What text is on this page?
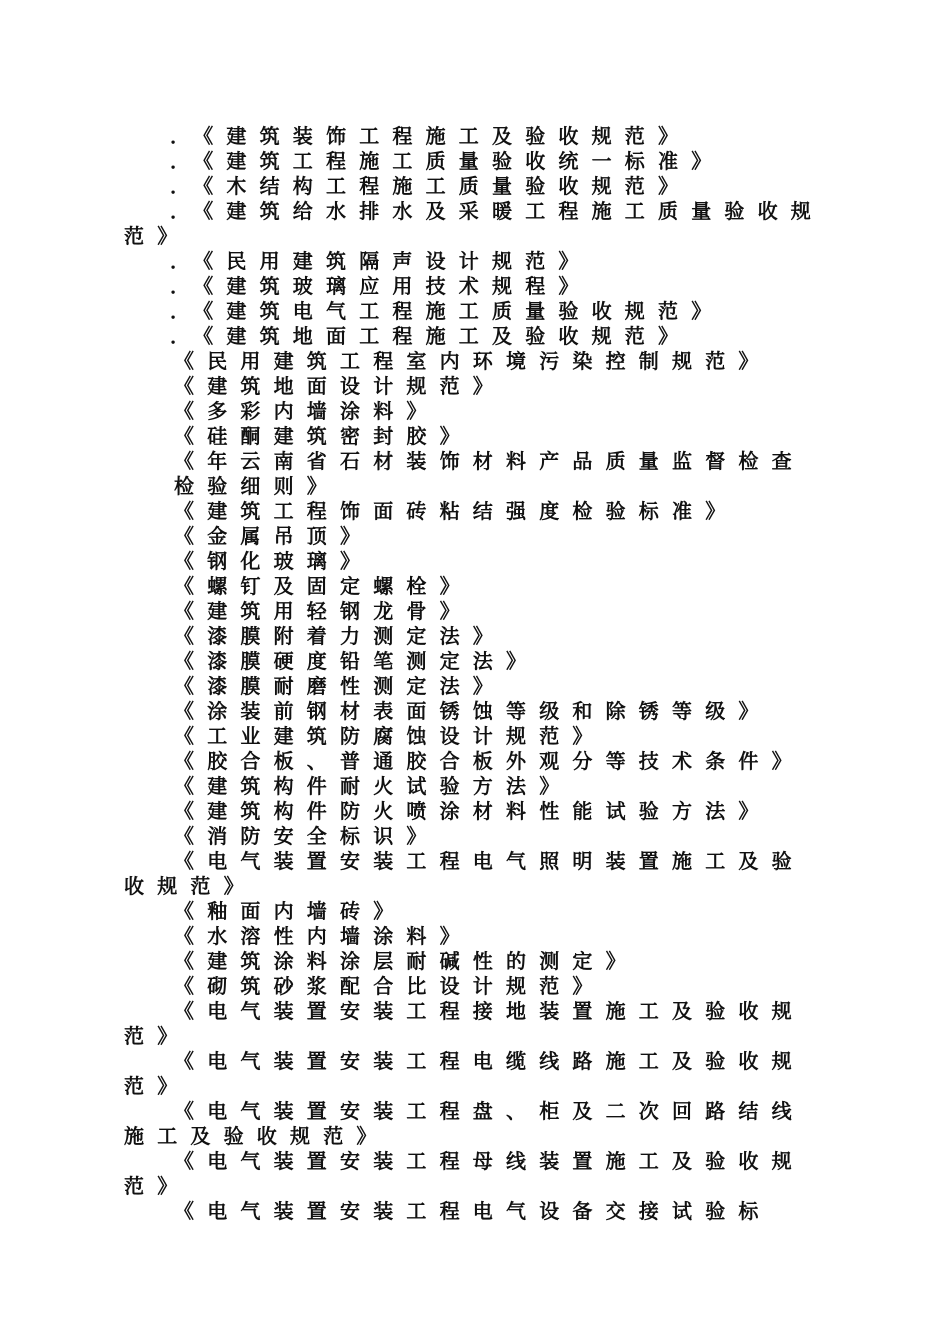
．《建筑装饰工程施工及验收规范》
．《建筑工程施工质量验收统一标准》
．《木结构工程施工质量验收规范》
．《建筑给水排水及采暖工程施工质量验收规
范》
．《民用建筑隔声设计规范》
．《建筑玻璃应用技术规程》
．《建筑电气工程施工质量验收规范》
．《建筑地面工程施工及验收规范》
《民用建筑工程室内环境污染控制规范》
《建筑地面设计规范》
《多彩内墙涂料》
《硅酮建筑密封胶》
《年云南省石材装饰材料产品质量监督检查
检验细则》
《建筑工程饰面砖粘结强度检验标准》
《金属吊顶》
《钢化玻璃》
《螺钉及固定螺栓》
《建筑用轻钢龙骨》
《漆膜附着力测定法》
《漆膜硬度铅笔测定法》
《漆膜耐磨性测定法》
《涂装前钢材表面锈蚀等级和除锈等级》
《工业建筑防腐蚀设计规范》
《胶合板、普通胶合板外观分等技术条件》
《建筑构件耐火试验方法》
《建筑构件防火喷涂材料性能试验方法》
《消防安全标识》
《电气装置安装工程电气照明装置施工及验
收规范》
《釉面内墙砖》
《水溶性内墙涂料》
《建筑涂料涂层耐碱性的测定》
《砌筑砂浆配合比设计规范》
《电气装置安装工程接地装置施工及验收规
范》
《电气装置安装工程电缆线路施工及验收规
范》
《电气装置安装工程盘、柜及二次回路结线
施工及验收规范》
《电气装置安装工程母线装置施工及验收规
范》
《电气装置安装工程电气设备交接试验标
